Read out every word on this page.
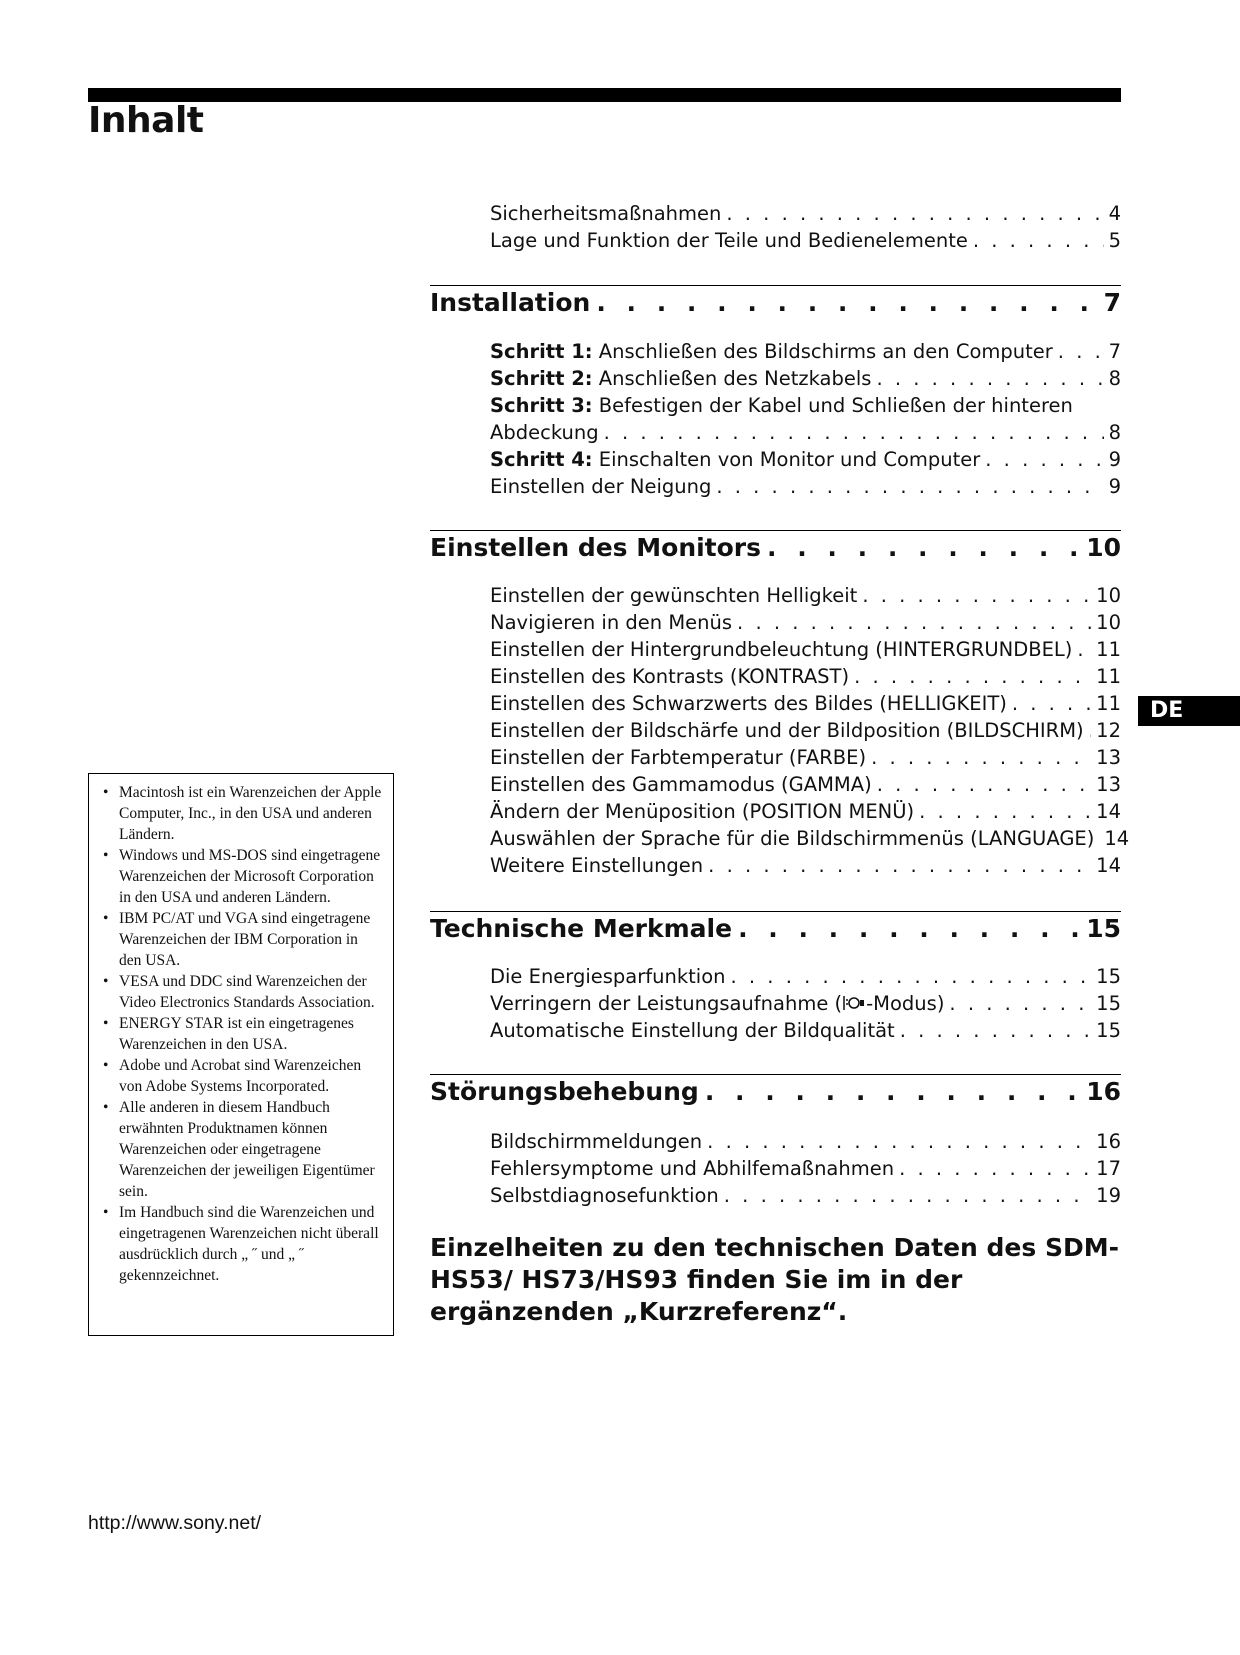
Inhalt
DE
Sicherheitsmaßnahmen . . .	4
Lage und Funktion der Teile und Bedienelemente . . .	5
Installation . . .	7
Schritt 1: Anschließen des Bildschirms an den Computer . . .	7
Schritt 2: Anschließen des Netzkabels . . .	8
Schritt 3: Befestigen der Kabel und Schließen der hinteren
Abdeckung . . .	8
Schritt 4: Einschalten von Monitor und Computer . . .	9
Einstellen der Neigung . . .	9
Einstellen des Monitors . . .	10
Einstellen der gewünschten Helligkeit . . .	10
Navigieren in den Menüs . . .	10
Einstellen der Hintergrundbeleuchtung (HINTERGRUNDBEL) . . . 11
Einstellen des Kontrasts (KONTRAST) . . .	11
Einstellen des Schwarzwerts des Bildes (HELLIGKEIT) . . .	11
Einstellen der Bildschärfe und der Bildposition (BILDSCHIRM) . . . 12
Einstellen der Farbtemperatur (FARBE) . . .	13
Einstellen des Gammamodus (GAMMA) . . .	13
Ändern der Menüposition (POSITION MENÜ) . . .	14
Auswählen der Sprache für die Bildschirmmenüs (LANGUAGE) 14
Weitere Einstellungen . . .	14
Technische Merkmale . . .	15
Die Energiesparfunktion . . .	15
Verringern der Leistungsaufnahme ( -Modus) . . .	15
Automatische Einstellung der Bildqualität . . .	15
Störungsbehebung . . .	16
Bildschirmmeldungen . . .	16
Fehlersymptome und Abhilfemaßnahmen . . .	17
Selbstdiagnosefunktion . . .	19

Einzelheiten zu den technischen Daten des SDM-HS53/ HS73/HS93 finden Sie im in der ergänzenden „Kurzreferenz“.

• Macintosh ist ein Warenzeichen der Apple Computer, Inc., in den USA und anderen Ländern.
• Windows und MS-DOS sind eingetragene Warenzeichen der Microsoft Corporation in den USA und anderen Ländern.
• IBM PC/AT und VGA sind eingetragene Warenzeichen der IBM Corporation in den USA.
• VESA und DDC sind Warenzeichen der Video Electronics Standards Association.
• ENERGY STAR ist ein eingetragenes Warenzeichen in den USA.
• Adobe und Acrobat sind Warenzeichen von Adobe Systems Incorporated.
• Alle anderen in diesem Handbuch erwähnten Produktnamen können Warenzeichen oder eingetragene Warenzeichen der jeweiligen Eigentümer sein.
• Im Handbuch sind die Warenzeichen und eingetragenen Warenzeichen nicht überall ausdrücklich durch „ ˝ und „ ˝ gekennzeichnet.
http://www.sony.net/
